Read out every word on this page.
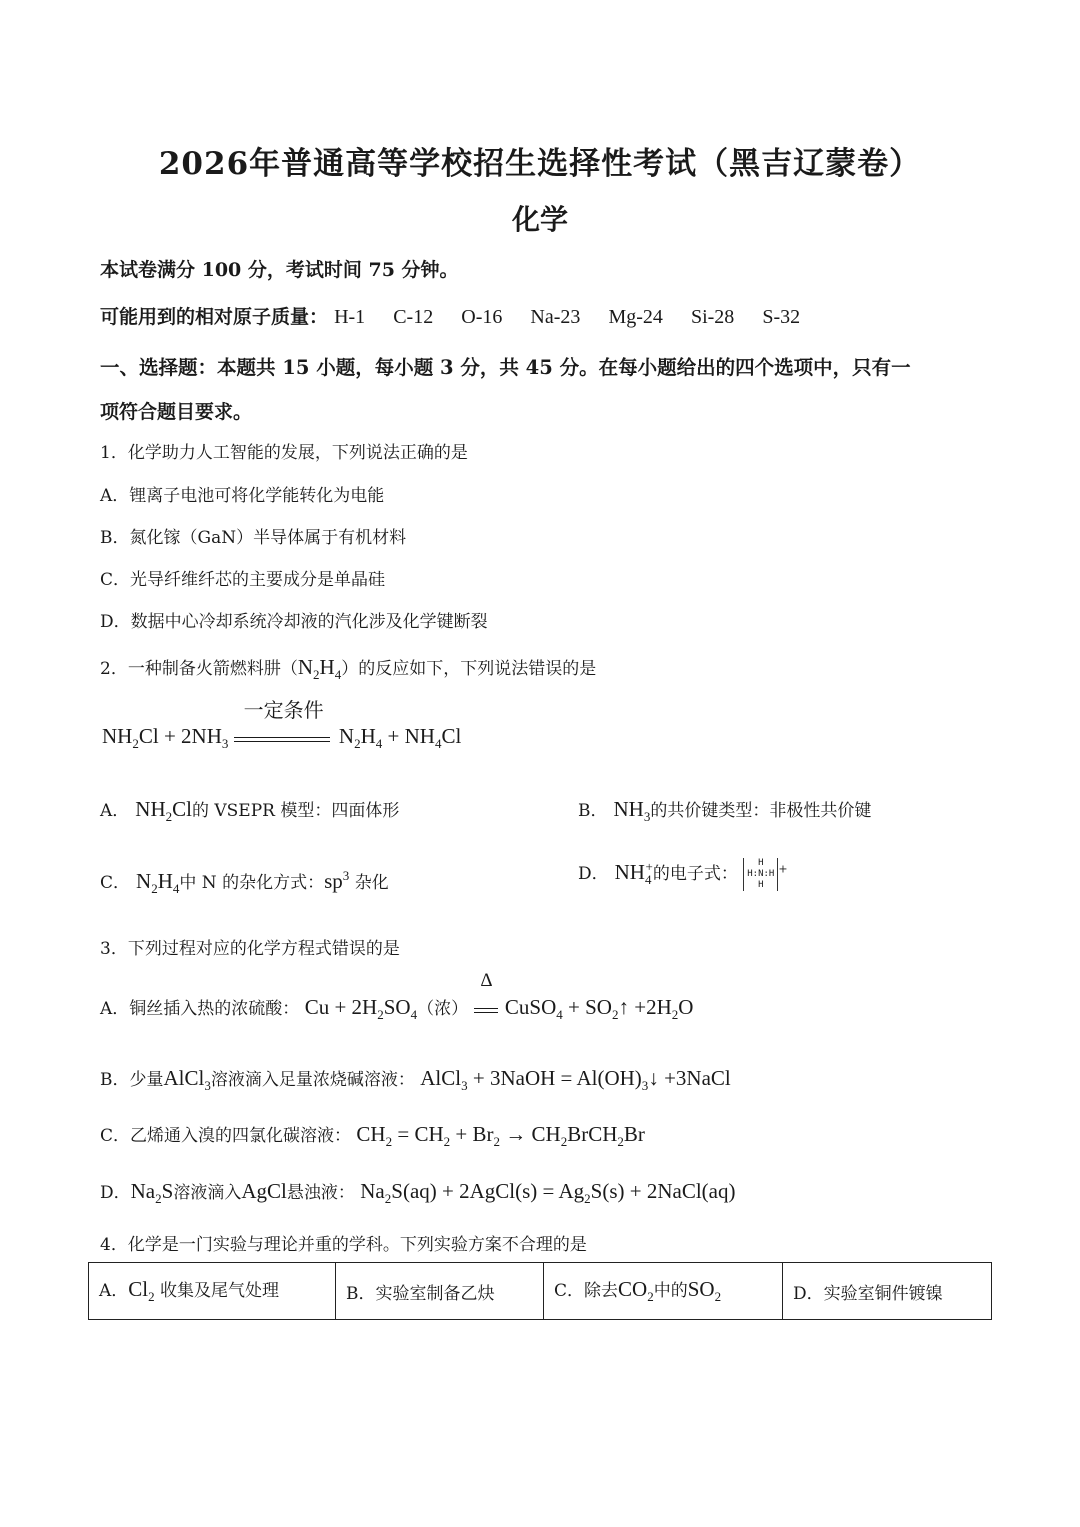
2026年普通高等学校招生选择性考试（黑吉辽蒙卷）
化学
本试卷满分 100 分，考试时间 75 分钟。
可能用到的相对原子质量： H-1 C-12 O-16 Na-23 Mg-24 Si-28 S-32
一、选择题：本题共 15 小题，每小题 3 分，共 45 分。在每小题给出的四个选项中，只有一
项符合题目要求。
1．化学助力人工智能的发展，下列说法正确的是
A．锂离子电池可将化学能转化为电能
B．氮化镓（GaN）半导体属于有机材料
C．光导纤维纤芯的主要成分是单晶硅
D．数据中心冷却系统冷却液的汽化涉及化学键断裂
2．一种制备火箭燃料肼$(N_2H_4)$的反应如下，下列说法错误的是
$NH_2Cl + 2NH_3$
一定条件
$N_2H_4 + NH_4Cl$
A． $NH_2Cl$的 VSEPR 模型：四面体形	B． $NH_3$的共价键类型：非极性共价键
C． $N_2H_4$中 N 的杂化方式：$sp^3$ 杂化	D． $NH_4^+$的电子式： H
H:N:H
H+
3．下列过程对应的化学方程式错误的是
A．铜丝插入热的浓硫酸： $Cu + 2H_2SO_4$（浓）
Δ
CuSO$_4$ + $SO_2↑ +2H_2O$
B．少量AlCl$_3$溶液滴入足量浓烧碱溶液： AlCl$_3$ + 3NaOH = $Al(OH)_3↓$ +3NaCl
C．乙烯通入溴的四氯化碳溶液： $CH_2 = CH_2 + Br_2$ → $CH_2BrCH_2Br$
D．$Na_2S$溶液滴入AgCl悬浊液： $Na_2S(aq)$ + 2AgCl(s) = $Ag_2S(s)$ + 2NaCl(aq)
4．化学是一门实验与理论并重的学科。下列实验方案不合理的是
A．$Cl_2$ 收集及尾气处理	B．实验室制备乙炔	C．除去$CO_2$中的$SO_2$	D．实验室铜件镀镍
